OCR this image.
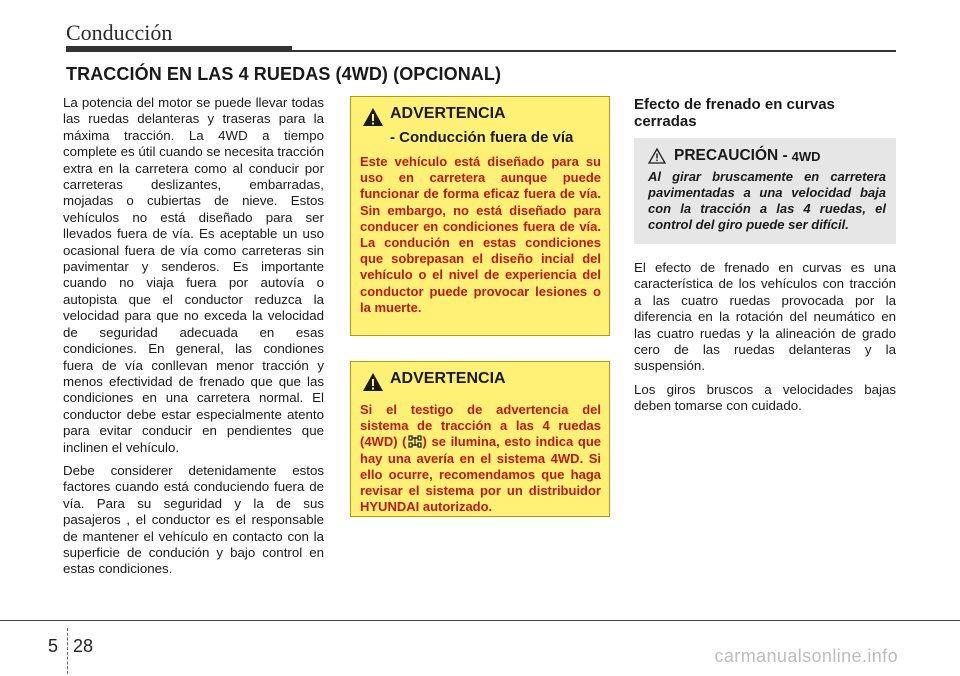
Conducción
TRACCIÓN EN LAS 4 RUEDAS (4WD) (OPCIONAL)

La potencia del motor se puede llevar todas las ruedas delanteras y traseras para la máxima tracción. La 4WD a tiempo complete es útil cuando se necesita tracción extra en la carretera como al conducir por carreteras deslizantes, embarradas, mojadas o cubiertas de nieve. Estos vehículos no está diseñado para ser llevados fuera de vía. Es aceptable un uso ocasional fuera de vía como carreteras sin pavimentar y senderos. Es importante cuando no viaja fuera por autovía o autopista que el conductor reduzca la velocidad para que no exceda la velocidad de seguridad adecuada en esas condiciones. En general, las condiones fuera de vía conllevan menor tracción y menos efectividad de frenado que que las condiciones en una carretera normal. El conductor debe estar especialmente atento para evitar conducir en pendientes que inclinen el vehículo.

Debe considerer detenidamente estos factores cuando está conduciendo fuera de vía. Para su seguridad y la de sus pasajeros , el conductor es el responsable de mantener el vehículo en contacto con la superficie de condución y bajo control en estas condiciones.

ADVERTENCIA
- Conducción fuera de vía
Este vehículo está diseñado para su uso en carretera aunque puede funcionar de forma eficaz fuera de vía. Sin embargo, no está diseñado para conducer en condiciones fuera de vía. La condución en estas condiciones que sobrepasan el diseño incial del vehículo o el nivel de experiencia del conductor puede provocar lesiones o la muerte.
ADVERTENCIA
Si el testigo de advertencia del sistema de tracción a las 4 ruedas (4WD) ( ) se ilumina, esto indica que hay una avería en el sistema 4WD. Si ello ocurre, recomendamos que haga revisar el sistema por un distribuidor HYUNDAI autorizado.
Efecto de frenado en curvas cerradas
PRECAUCIÓN - 4WD
Al girar bruscamente en carretera pavimentadas a una velocidad baja con la tracción a las 4 ruedas, el control del giro puede ser difícil.

El efecto de frenado en curvas es una característica de los vehículos con tracción a las cuatro ruedas provocada por la diferencia en la rotación del neumático en las cuatro ruedas y la alineación de grado cero de las ruedas delanteras y la suspensión.

Los giros bruscos a velocidades bajas deben tomarse con cuidado.

5 28	carmanualsonline.info
